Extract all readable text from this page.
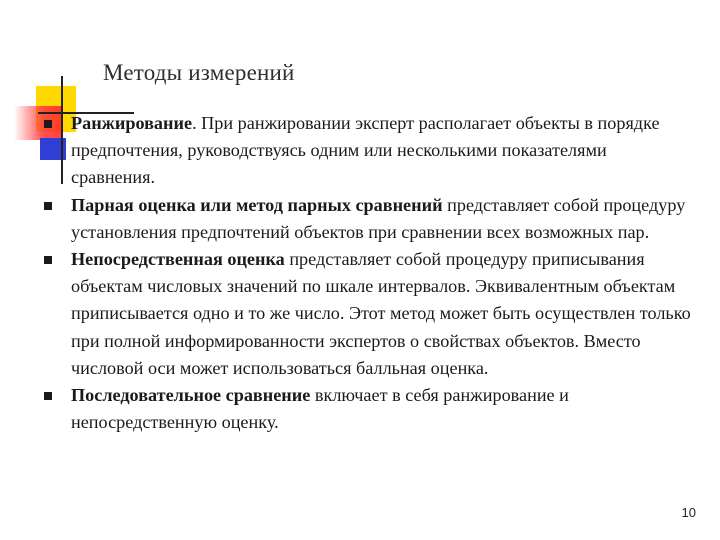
Методы измерений
Ранжирование. При ранжировании эксперт располагает объекты в порядке предпочтения, руководствуясь одним или несколькими показателями сравнения.
Парная оценка или метод парных сравнений представляет собой процедуру установления предпочтений объектов при сравнении всех возможных пар.
Непосредственная оценка представляет собой процедуру приписывания объектам числовых значений по шкале интервалов. Эквивалентным объектам приписывается одно и то же число. Этот метод может быть осуществлен только при полной информированности экспертов о свойствах объектов. Вместо числовой оси может использоваться балльная оценка.
Последовательное сравнение включает в себя ранжирование и непосредственную оценку.
10
